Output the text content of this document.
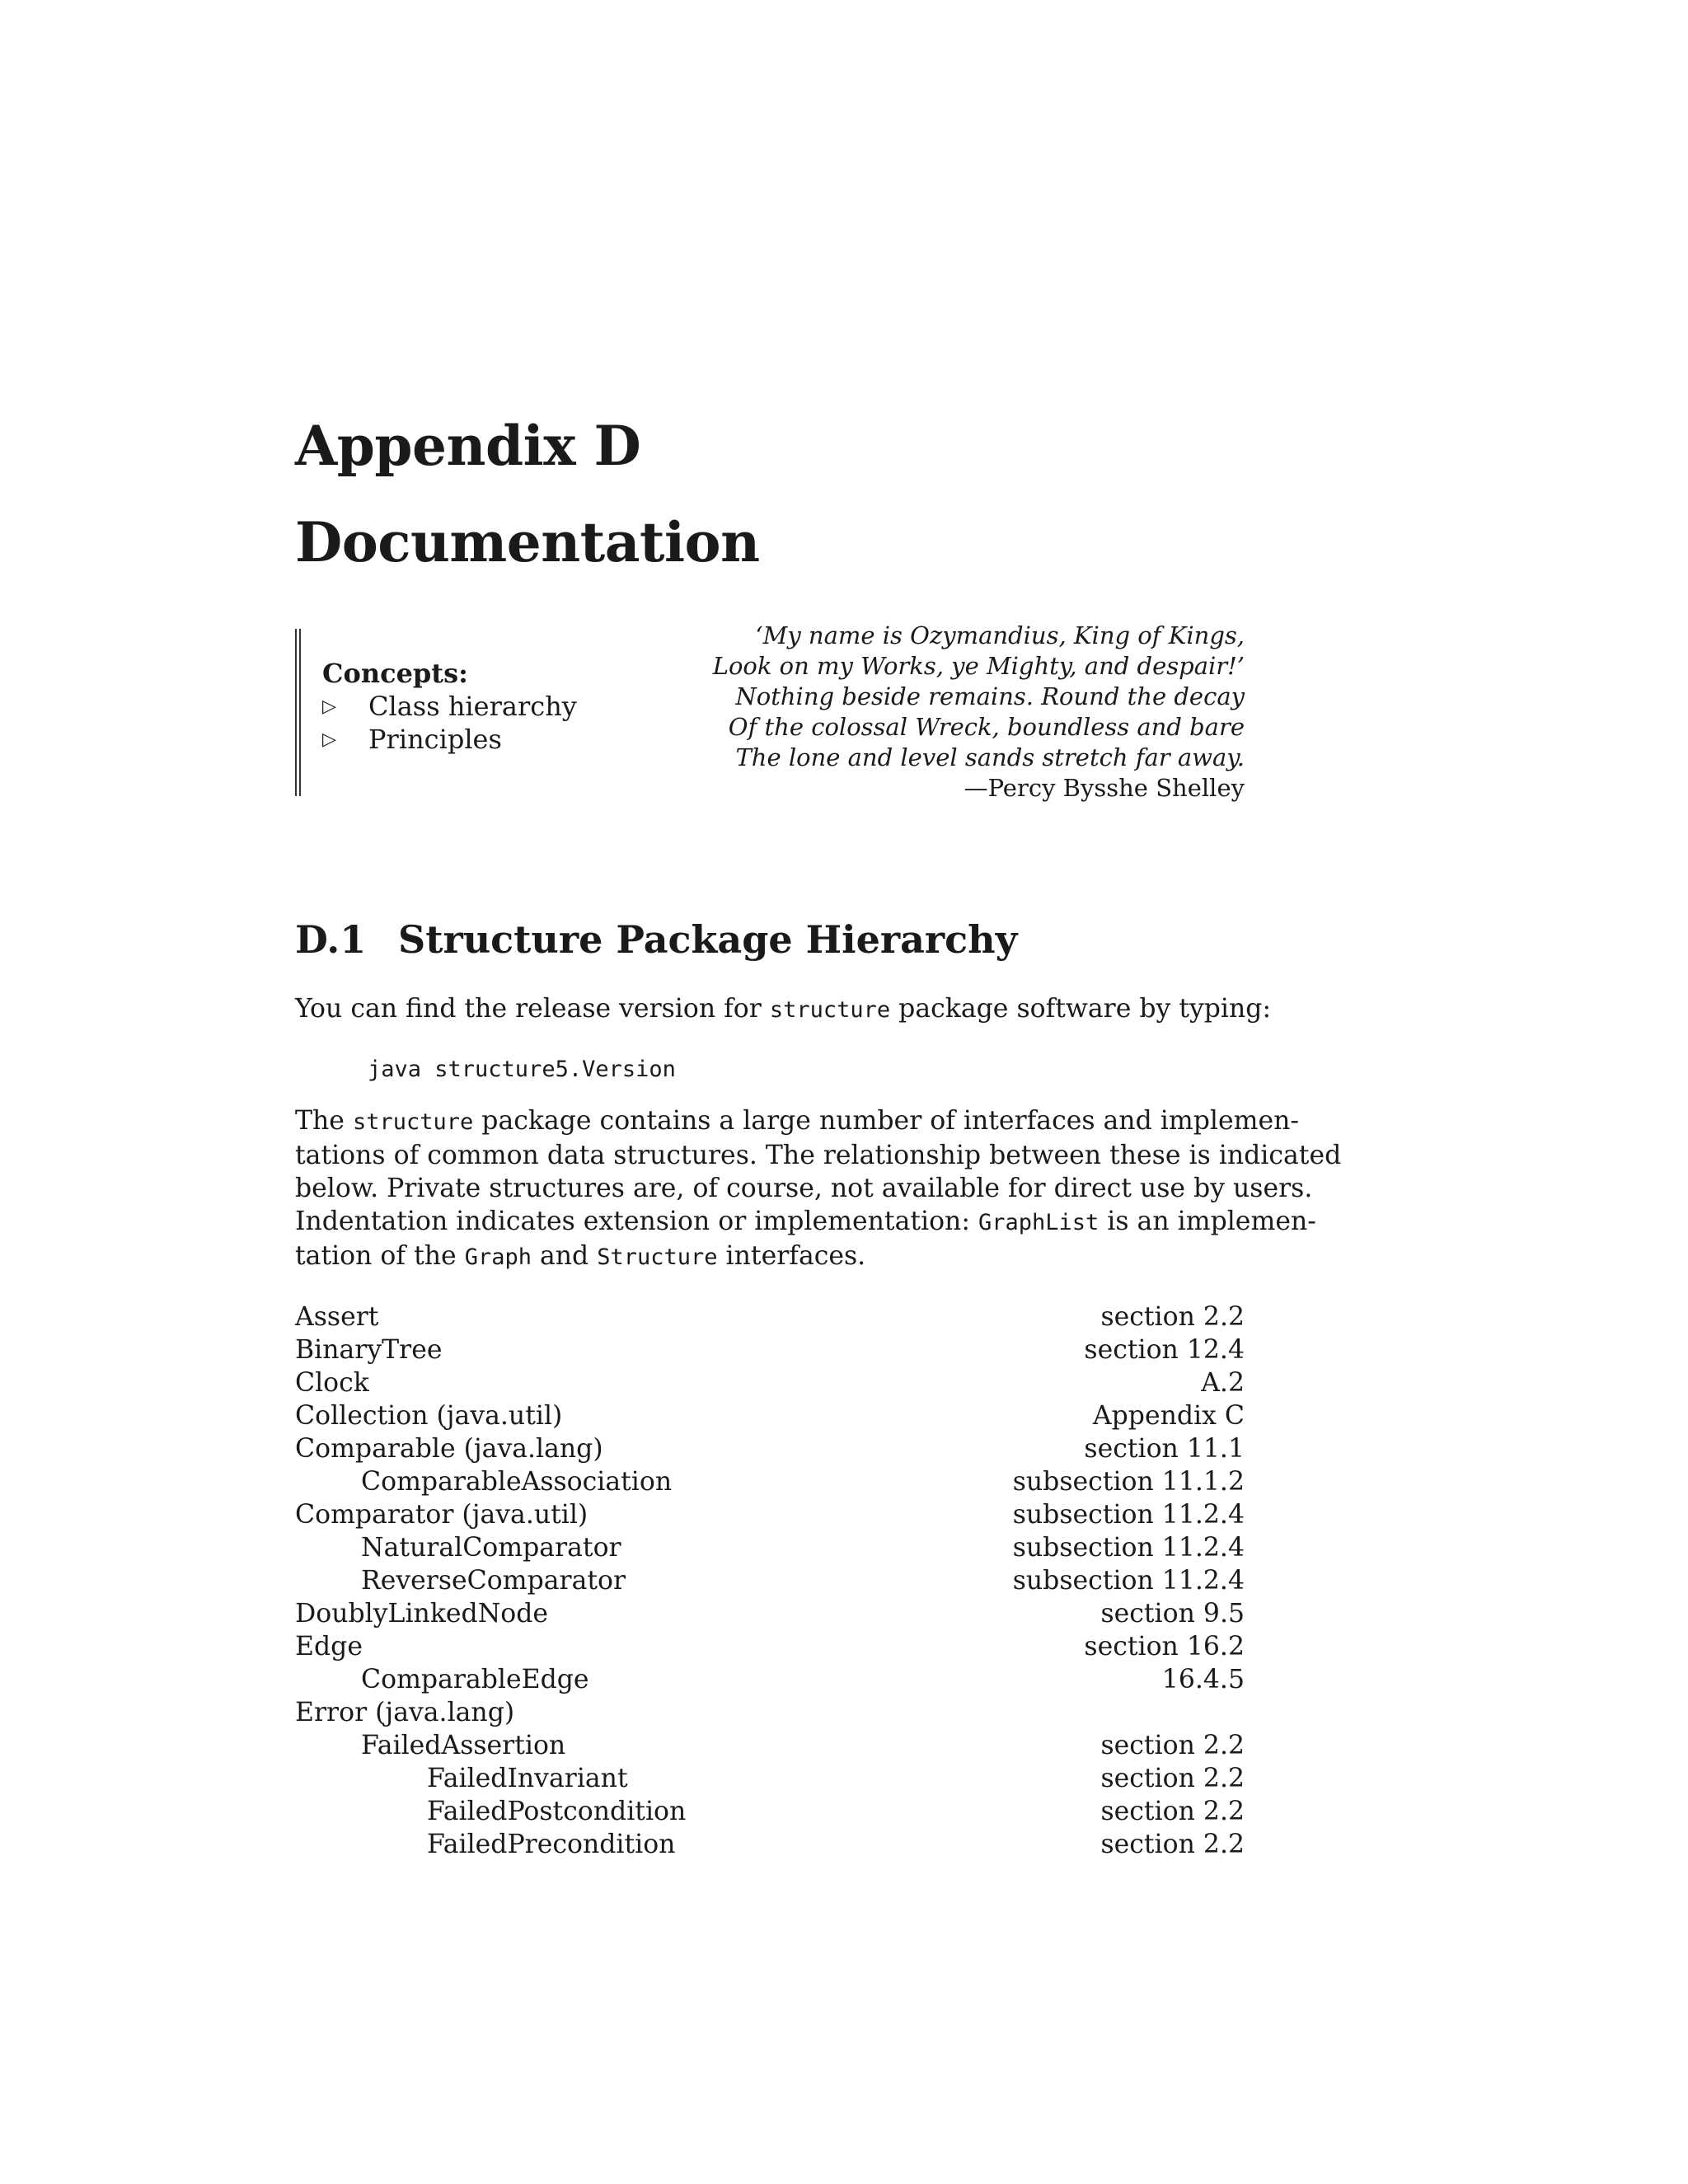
Appendix D
Documentation
Concepts:
▷ Class hierarchy
▷ Principles
‘My name is Ozymandius, King of Kings,
Look on my Works, ye Mighty, and despair!’
Nothing beside remains. Round the decay
Of the colossal Wreck, boundless and bare
The lone and level sands stretch far away.
—Percy Bysshe Shelley
D.1 Structure Package Hierarchy
You can find the release version for structure package software by typing:
java structure5.Version
The structure package contains a large number of interfaces and implemen-
tations of common data structures. The relationship between these is indicated
below. Private structures are, of course, not available for direct use by users.
Indentation indicates extension or implementation: GraphList is an implemen-
tation of the Graph and Structure interfaces.
Assert	section 2.2
BinaryTree	section 12.4
Clock	A.2
Collection (java.util)	Appendix C
Comparable (java.lang)	section 11.1
ComparableAssociation	subsection 11.1.2
Comparator (java.util)	subsection 11.2.4
NaturalComparator	subsection 11.2.4
ReverseComparator	subsection 11.2.4
DoublyLinkedNode	section 9.5
Edge	section 16.2
ComparableEdge	16.4.5
Error (java.lang)
FailedAssertion	section 2.2
FailedInvariant	section 2.2
FailedPostcondition	section 2.2
FailedPrecondition	section 2.2
